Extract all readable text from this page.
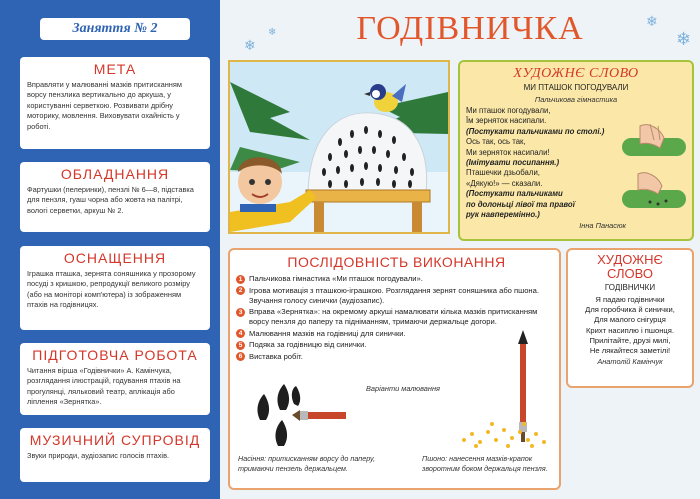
Заняття № 2
МЕТА

Вправляти у малюванні мазків притисканням ворсу пензлика вертикально до аркуша, у користуванні серветкою. Розвивати дрібну моторику, мовлення. Виховувати охайність у роботі.

ОБЛАДНАННЯ

Фартушки (пелеринки), пензлі № 6—8, підставка для пензля, гуаш чорна або жовта на палітрі, вологі серветки, аркуш № 2.

ОСНАЩЕННЯ

Іграшка пташка, зернята соняшника у прозорому посуді з кришкою, репродукції великого розміру (або на моніторі комп'ютера) із зображенням птахів на годівницях.

ПІДГОТОВЧА РОБОТА

Читання вірша «Годівнички» А. Камінчука, розглядання ілюстрацій, годування птахів на прогулянці, ляльковий театр, аплікація або ліплення «Зернятка».

МУЗИЧНИЙ СУПРОВІД

Звуки природи, аудіозапис голосів птахів.

❄
❄
❄
❄
ГОДІВНИЧКА
ХУДОЖНЄ СЛОВО
МИ ПТАШОК ПОГОДУВАЛИ
Пальчикова гімнастика
Ми пташок погодували,
Їм зерняток насипали.
(Постукати пальчиками по столі.)
Ось так, ось так,
Ми зерняток насипали!
(Імітувати посипання.)
Пташечки дзьобали,
«Дякую!» — сказали.
(Постукати пальчиками
по долоньці лівої та правої
рук навперемінно.)
Інна Панасюк
ПОСЛІДОВНІСТЬ ВИКОНАННЯ
1 Пальчикова гімнастика «Ми пташок погодували».
2 Ігрова мотивація з пташкою-іграшкою. Розглядання зернят соняшника або пшона. Звучання голосу синички (аудіозапис).
3 Вправа «Зернятка»: на окремому аркуші намалювати кілька мазків притисканням ворсу пензля до паперу та підніманням, тримаючи держальце догори.
4 Малювання мазків на годівниці для синички.
5 Подяка за годівницю від синички.
6 Виставка робіт.
Варіанти малювання
Насіння: притисканням ворсу до паперу, тримаючи пензель держальцем.
Пшоно: нанесення мазків-крапок зворотним боком держальця пензля.
ХУДОЖНЄ
СЛОВО
ГОДІВНИЧКИ
Я падаю годівнички
Для горобчика й синички,
Для малого снігурця
Крихт насиплю і пшонця.
Прилітайте, друзі милі,
Не лякайтеся заметілі!
Анатолій Камінчук
